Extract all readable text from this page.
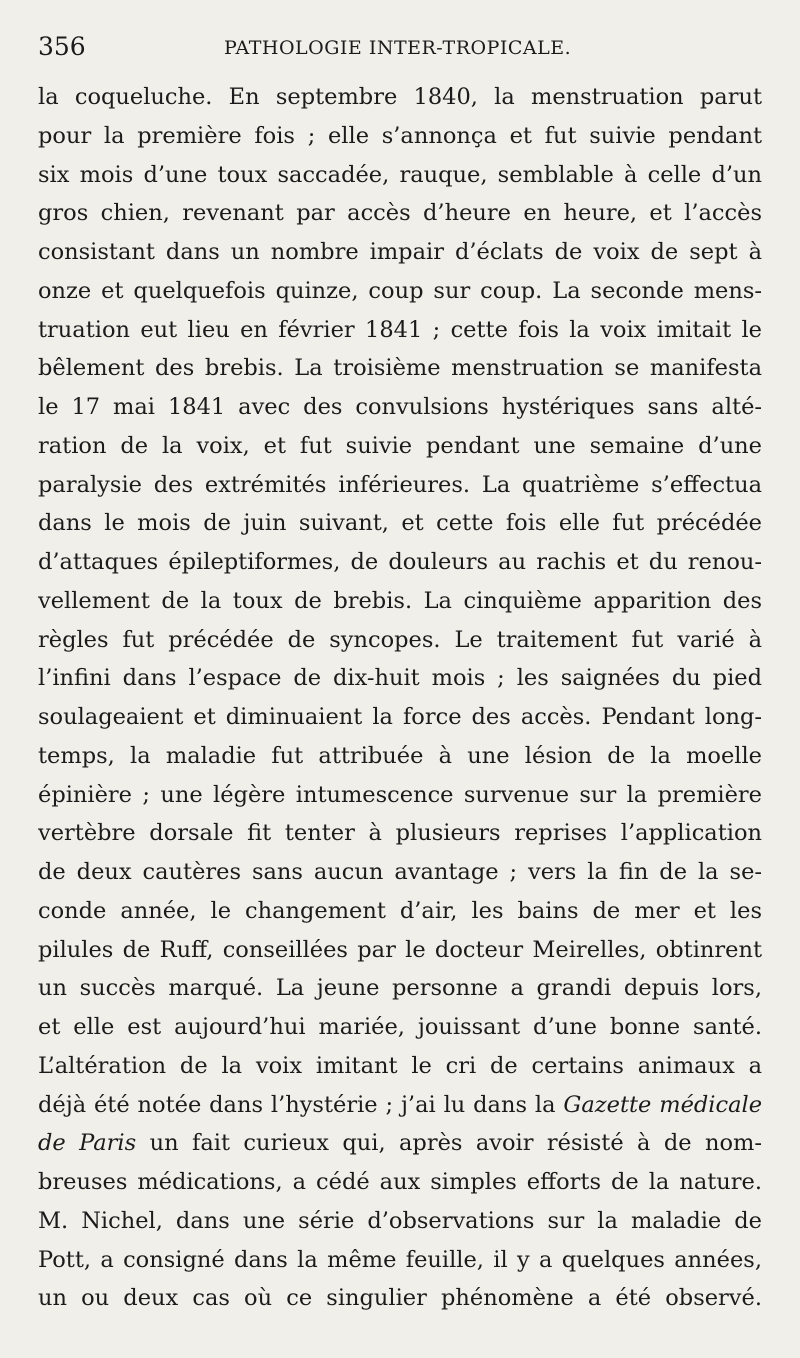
356	PATHOLOGIE INTER-TROPICALE.
la coqueluche. En septembre 1840, la menstruation parut
pour la première fois ; elle s’annonça et fut suivie pendant
six mois d’une toux saccadée, rauque, semblable à celle d’un
gros chien, revenant par accès d’heure en heure, et l’accès
consistant dans un nombre impair d’éclats de voix de sept à
onze et quelquefois quinze, coup sur coup. La seconde mens-
truation eut lieu en février 1841 ; cette fois la voix imitait le
bêlement des brebis. La troisième menstruation se manifesta
le 17 mai 1841 avec des convulsions hystériques sans alté-
ration de la voix, et fut suivie pendant une semaine d’une
paralysie des extrémités inférieures. La quatrième s’effectua
dans le mois de juin suivant, et cette fois elle fut précédée
d’attaques épileptiformes, de douleurs au rachis et du renou-
vellement de la toux de brebis. La cinquième apparition des
règles fut précédée de syncopes. Le traitement fut varié à
l’infini dans l’espace de dix-huit mois ; les saignées du pied
soulageaient et diminuaient la force des accès. Pendant long-
temps, la maladie fut attribuée à une lésion de la moelle
épinière ; une légère intumescence survenue sur la première
vertèbre dorsale fit tenter à plusieurs reprises l’application
de deux cautères sans aucun avantage ; vers la fin de la se-
conde année, le changement d’air, les bains de mer et les
pilules de Ruff, conseillées par le docteur Meirelles, obtinrent
un succès marqué. La jeune personne a grandi depuis lors,
et elle est aujourd’hui mariée, jouissant d’une bonne santé.
L’altération de la voix imitant le cri de certains animaux a
déjà été notée dans l’hystérie ; j’ai lu dans la Gazette médicale
de Paris un fait curieux qui, après avoir résisté à de nom-
breuses médications, a cédé aux simples efforts de la nature.
M. Nichel, dans une série d’observations sur la maladie de
Pott, a consigné dans la même feuille, il y a quelques années,
un ou deux cas où ce singulier phénomène a été observé.
